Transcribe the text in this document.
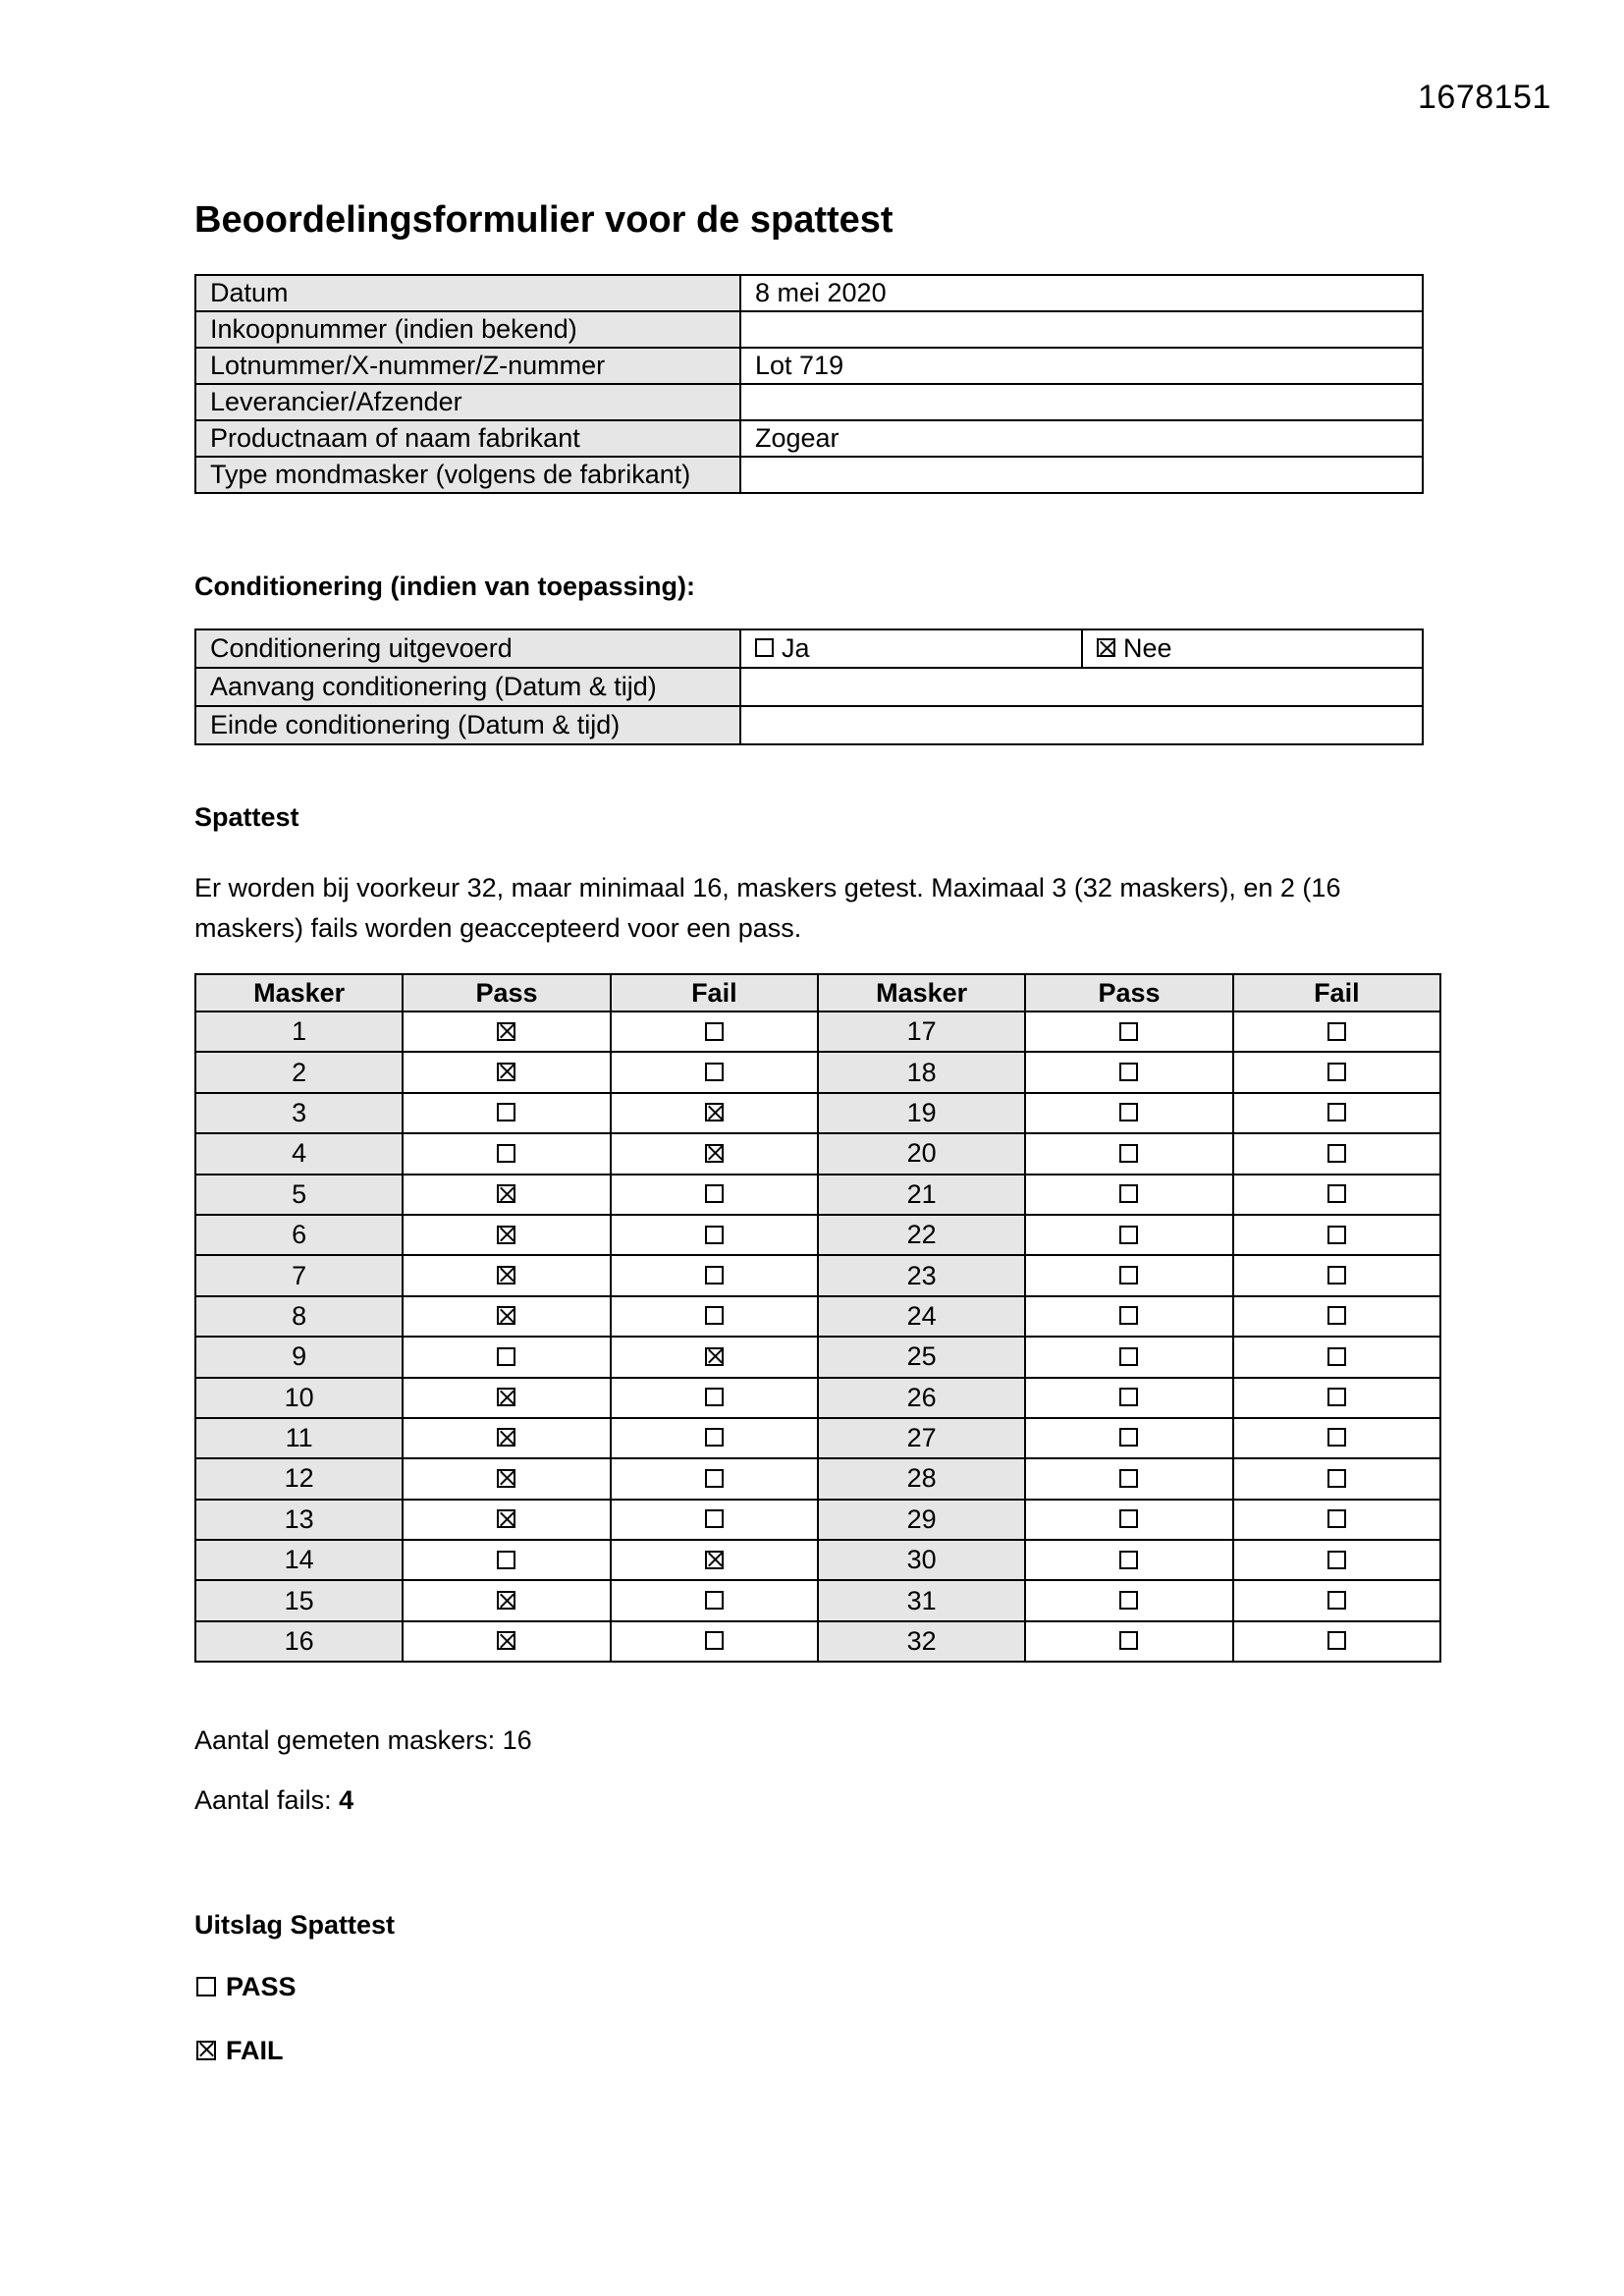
1678151
Beoordelingsformulier voor de spattest
Datum	8 mei 2020
Inkoopnummer (indien bekend)	
Lotnummer/X-nummer/Z-nummer	Lot 719
Leverancier/Afzender	
Productnaam of naam fabrikant	Zogear
Type mondmasker (volgens de fabrikant)	
Conditionering (indien van toepassing):
Conditionering uitgevoerd	Ja	Nee
Aanvang conditionering (Datum & tijd)		
Einde conditionering (Datum & tijd)		
Spattest

Er worden bij voorkeur 32, maar minimaal 16, maskers getest. Maximaal 3 (32 maskers), en 2 (16 maskers) fails worden geaccepteerd voor een pass.

Masker	Pass	Fail	Masker	Pass	Fail
1			17		
2			18		
3			19		
4			20		
5			21		
6			22		
7			23		
8			24		
9			25		
10			26		
11			27		
12			28		
13			29		
14			30		
15			31		
16			32		

Aantal gemeten maskers: 16

Aantal fails: 4

Uitslag Spattest

PASS

FAIL
